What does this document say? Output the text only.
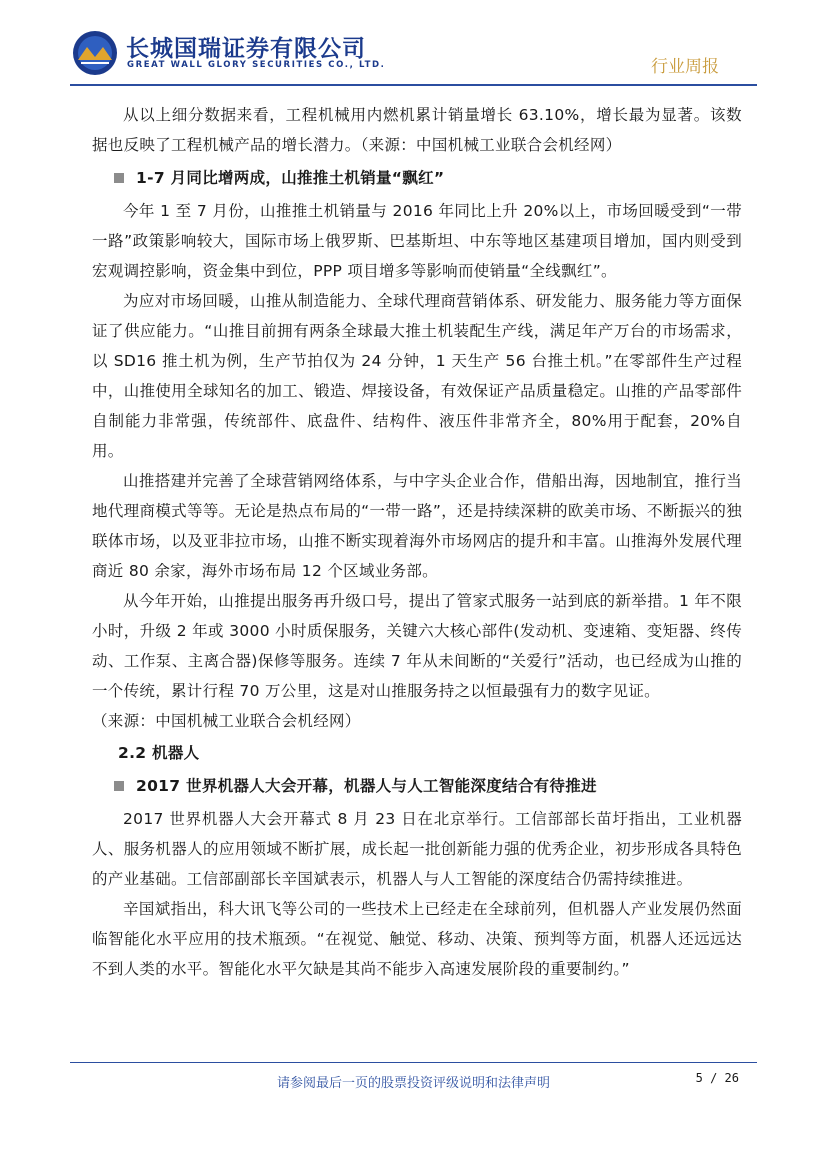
长城国瑞证券有限公司
GREAT WALL GLORY SECURITIES CO., LTD.	行业周报

从以上细分数据来看，工程机械用内燃机累计销量增长 63.10%，增长最为显著。该数据也反映了工程机械产品的增长潜力。（来源：中国机械工业联合会机经网）

1-7 月同比增两成，山推推土机销量“飘红”

今年 1 至 7 月份，山推推土机销量与 2016 年同比上升 20%以上，市场回暖受到“一带一路”政策影响较大，国际市场上俄罗斯、巴基斯坦、中东等地区基建项目增加，国内则受到宏观调控影响，资金集中到位，PPP 项目增多等影响而使销量“全线飘红”。

为应对市场回暖，山推从制造能力、全球代理商营销体系、研发能力、服务能力等方面保证了供应能力。“山推目前拥有两条全球最大推土机装配生产线，满足年产万台的市场需求，以 SD16 推土机为例，生产节拍仅为 24 分钟，1 天生产 56 台推土机。”在零部件生产过程中，山推使用全球知名的加工、锻造、焊接设备，有效保证产品质量稳定。山推的产品零部件自制能力非常强，传统部件、底盘件、结构件、液压件非常齐全，80%用于配套，20%自用。

山推搭建并完善了全球营销网络体系，与中字头企业合作，借船出海，因地制宜，推行当地代理商模式等等。无论是热点布局的“一带一路”，还是持续深耕的欧美市场、不断振兴的独联体市场，以及亚非拉市场，山推不断实现着海外市场网店的提升和丰富。山推海外发展代理商近 80 余家，海外市场布局 12 个区域业务部。

从今年开始，山推提出服务再升级口号，提出了管家式服务一站到底的新举措。1 年不限小时，升级 2 年或 3000 小时质保服务，关键六大核心部件(发动机、变速箱、变矩器、终传动、工作泵、主离合器)保修等服务。连续 7 年从未间断的“关爱行”活动，也已经成为山推的一个传统，累计行程 70 万公里，这是对山推服务持之以恒最强有力的数字见证。

（来源：中国机械工业联合会机经网）

2.2 机器人
2017 世界机器人大会开幕，机器人与人工智能深度结合有待推进

2017 世界机器人大会开幕式 8 月 23 日在北京举行。工信部部长苗圩指出，工业机器人、服务机器人的应用领域不断扩展，成长起一批创新能力强的优秀企业，初步形成各具特色的产业基础。工信部副部长辛国斌表示，机器人与人工智能的深度结合仍需持续推进。

辛国斌指出，科大讯飞等公司的一些技术上已经走在全球前列，但机器人产业发展仍然面临智能化水平应用的技术瓶颈。“在视觉、触觉、移动、决策、预判等方面，机器人还远远达不到人类的水平。智能化水平欠缺是其尚不能步入高速发展阶段的重要制约。”

请参阅最后一页的股票投资评级说明和法律声明	5 / 26
